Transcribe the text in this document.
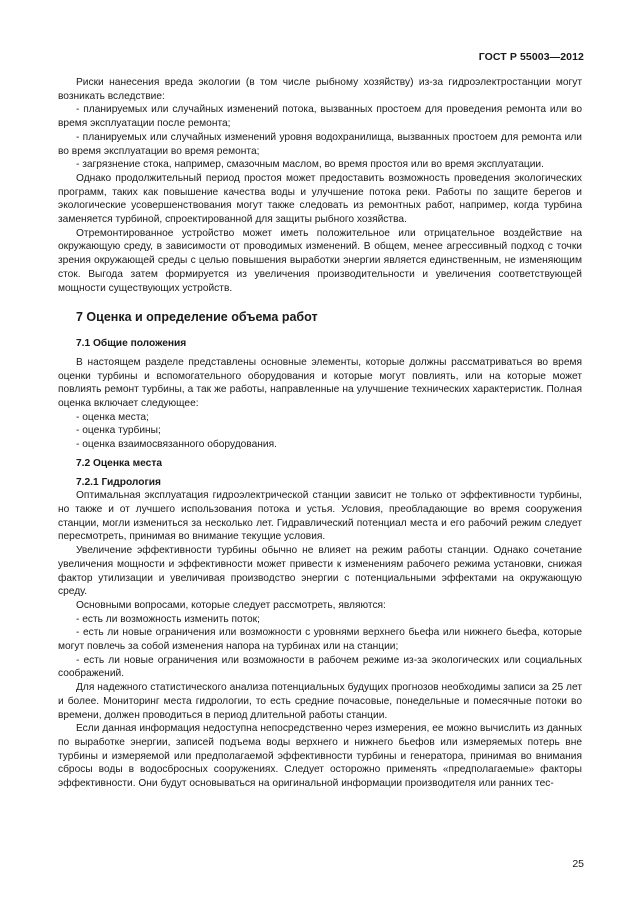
ГОСТ Р 55003—2012

Риски нанесения вреда экологии (в том числе рыбному хозяйству) из-за гидроэлектростанции могут возникать вследствие:

- планируемых или случайных изменений потока, вызванных простоем для проведения ремонта или во время эксплуатации после ремонта;

- планируемых или случайных изменений уровня водохранилища, вызванных простоем для ремонта или во время эксплуатации во время ремонта;

- загрязнение стока, например, смазочным маслом, во время простоя или во время эксплуатации.

Однако продолжительный период простоя может предоставить возможность проведения экологических программ, таких как повышение качества воды и улучшение потока реки. Работы по защите берегов и экологические усовершенствования могут также следовать из ремонтных работ, например, когда турбина заменяется турбиной, спроектированной для защиты рыбного хозяйства.

Отремонтированное устройство может иметь положительное или отрицательное воздействие на окружающую среду, в зависимости от проводимых изменений. В общем, менее агрессивный подход с точки зрения окружающей среды с целью повышения выработки энергии является единственным, не изменяющим сток. Выгода затем формируется из увеличения производительности и увеличения соответствующей мощности существующих устройств.

7 Оценка и определение объема работ
7.1 Общие положения

В настоящем разделе представлены основные элементы, которые должны рассматриваться во время оценки турбины и вспомогательного оборудования и которые могут повлиять, или на которые может повлиять ремонт турбины, а так же работы, направленные на улучшение технических характеристик. Полная оценка включает следующее:

- оценка места;

- оценка турбины;

- оценка взаимосвязанного оборудования.

7.2 Оценка места
7.2.1 Гидрология

Оптимальная эксплуатация гидроэлектрической станции зависит не только от эффективности турбины, но также и от лучшего использования потока и устья. Условия, преобладающие во время сооружения станции, могли измениться за несколько лет. Гидравлический потенциал места и его рабочий режим следует пересмотреть, принимая во внимание текущие условия.

Увеличение эффективности турбины обычно не влияет на режим работы станции. Однако сочетание увеличения мощности и эффективности может привести к изменениям рабочего режима установки, снижая фактор утилизации и увеличивая производство энергии с потенциальными эффектами на окружающую среду.

Основными вопросами, которые следует рассмотреть, являются:

- есть ли возможность изменить поток;

- есть ли новые ограничения или возможности с уровнями верхнего бьефа или нижнего бьефа, которые могут повлечь за собой изменения напора на турбинах или на станции;

- есть ли новые ограничения или возможности в рабочем режиме из-за экологических или социальных соображений.

Для надежного статистического анализа потенциальных будущих прогнозов необходимы записи за 25 лет и более. Мониторинг места гидрологии, то есть средние почасовые, понедельные и помесячные потоки во времени, должен проводиться в период длительной работы станции.

Если данная информация недоступна непосредственно через измерения, ее можно вычислить из данных по выработке энергии, записей подъема воды верхнего и нижнего бьефов или измеряемых потерь вне турбины и измеряемой или предполагаемой эффективности турбины и генератора, принимая во внимания сбросы воды в водосбросных сооружениях. Следует осторожно применять «предполагаемые» факторы эффективности. Они будут основываться на оригинальной информации производителя или ранних тес-

25
